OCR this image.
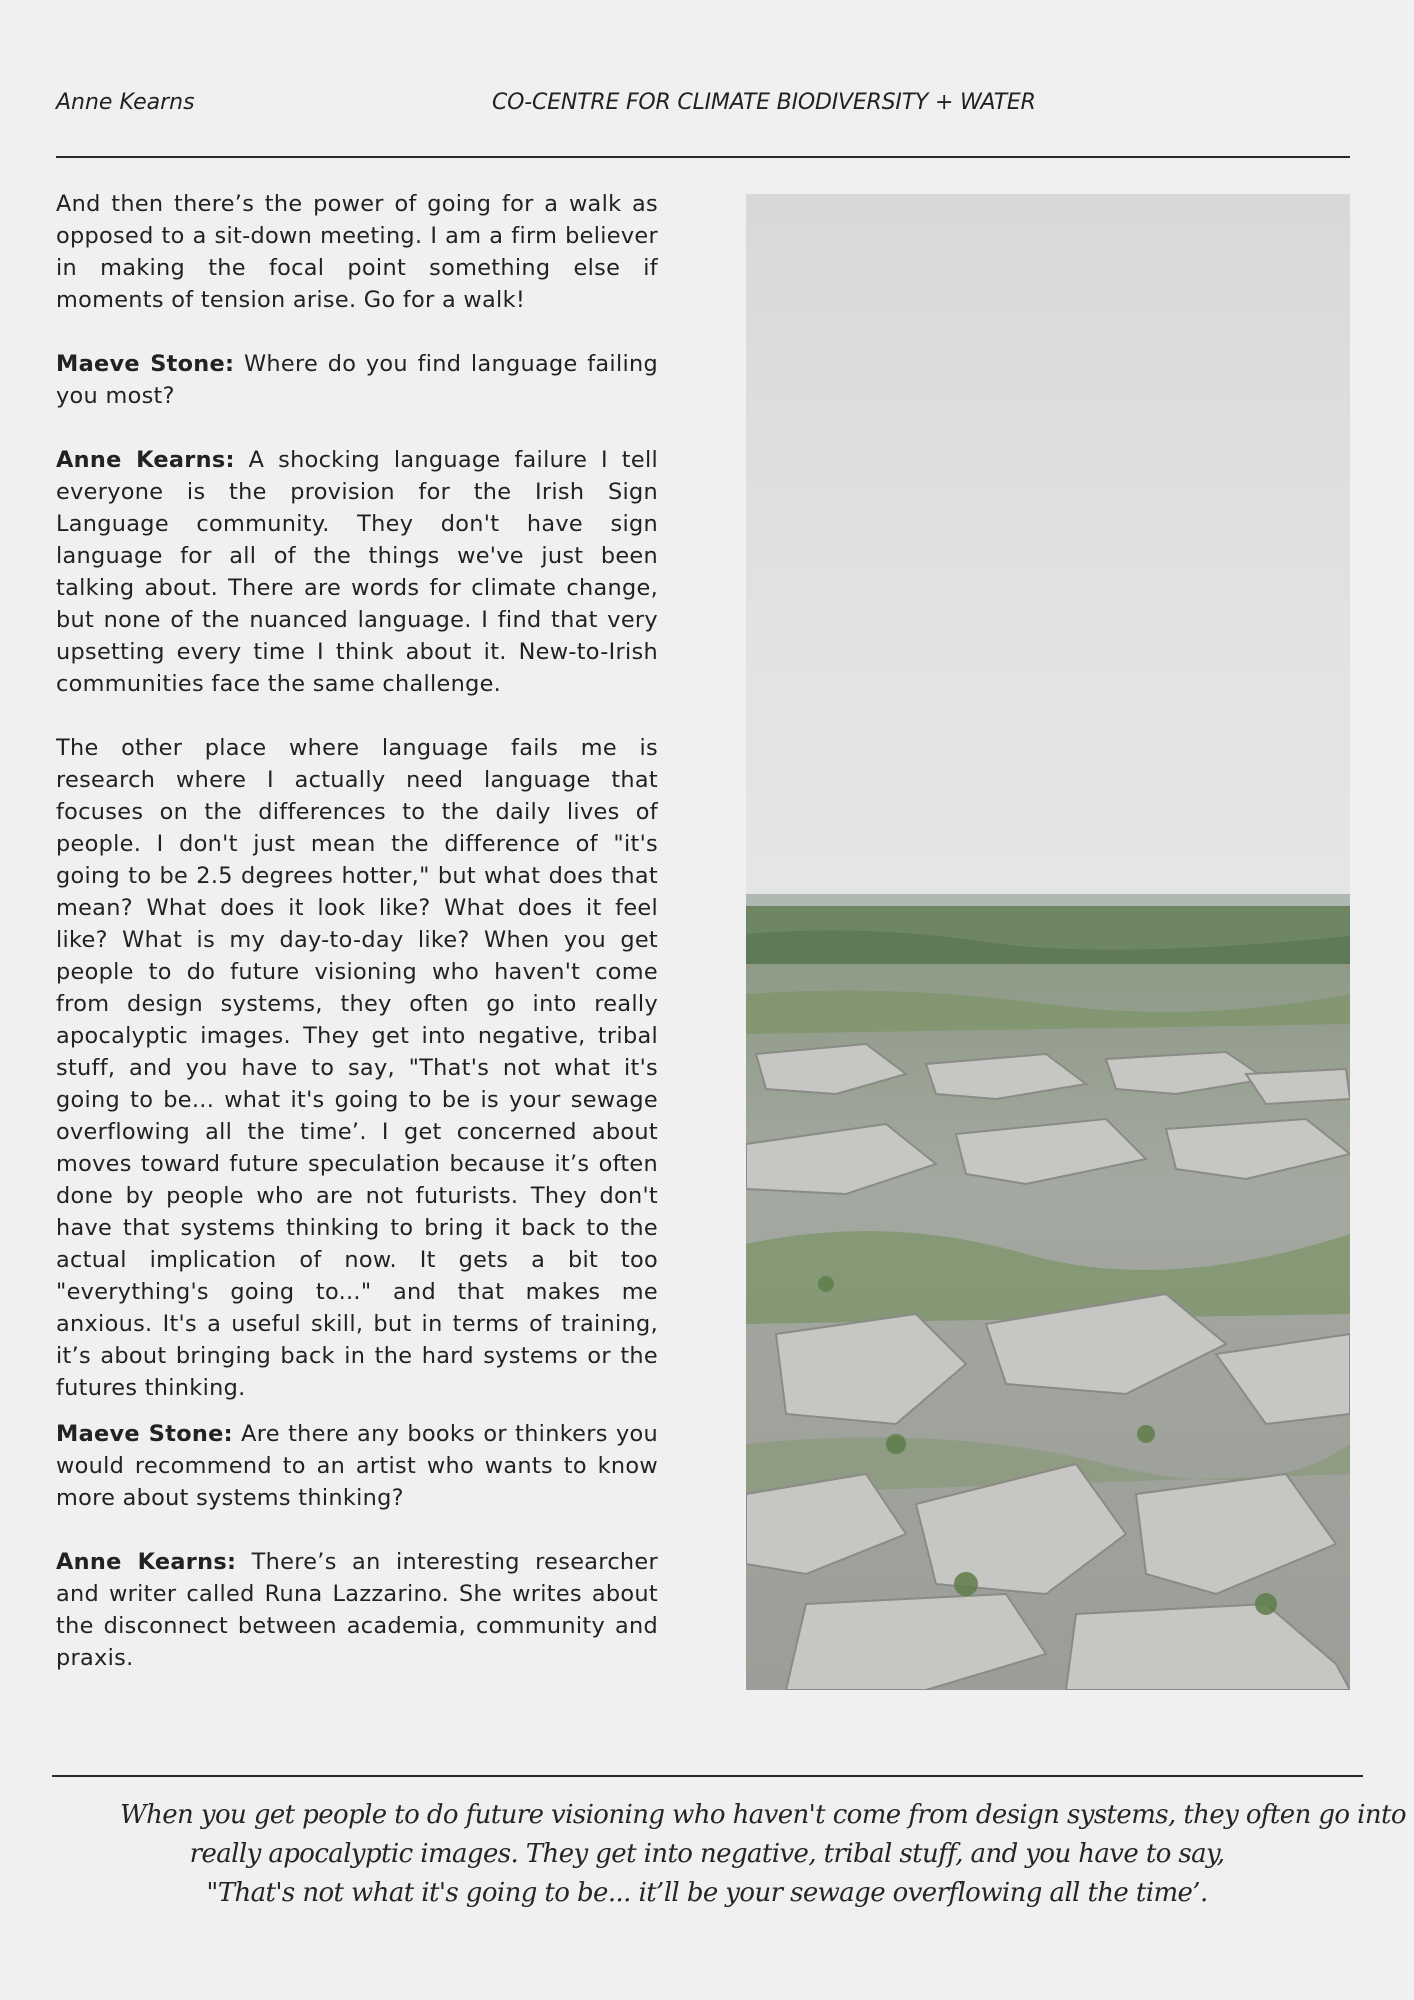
Anne Kearns	CO-CENTRE FOR CLIMATE BIODIVERSITY + WATER

And then there’s the power of going for a walk as opposed to a sit-down meeting. I am a firm believer in making the focal point something else if moments of tension arise. Go for a walk!

Maeve Stone: Where do you find language failing you most?

Anne Kearns: A shocking language failure I tell everyone is the provision for the Irish Sign Language community. They don't have sign language for all of the things we've just been talking about. There are words for climate change, but none of the nuanced language. I find that very upsetting every time I think about it. New-to-Irish communities face the same challenge.

The other place where language fails me is research where I actually need language that focuses on the differences to the daily lives of people. I don't just mean the difference of "it's going to be 2.5 degrees hotter," but what does that mean? What does it look like? What does it feel like? What is my day-to-day like? When you get people to do future visioning who haven't come from design systems, they often go into really apocalyptic images. They get into negative, tribal stuff, and you have to say, "That's not what it's going to be... what it's going to be is your sewage overflowing all the time’. I get concerned about moves toward future speculation because it’s often done by people who are not futurists. They don't have that systems thinking to bring it back to the actual implication of now. It gets a bit too "everything's going to..." and that makes me anxious. It's a useful skill, but in terms of training, it’s about bringing back in the hard systems or the futures thinking.

Maeve Stone: Are there any books or thinkers you would recommend to an artist who wants to know more about systems thinking?

Anne Kearns: There’s an interesting researcher and writer called Runa Lazzarino. She writes about the disconnect between academia, community and praxis.

When you get people to do future visioning who haven't come from design systems, they often go into
really apocalyptic images. They get into negative, tribal stuff, and you have to say,
"That's not what it's going to be... it’ll be your sewage overflowing all the time’.
